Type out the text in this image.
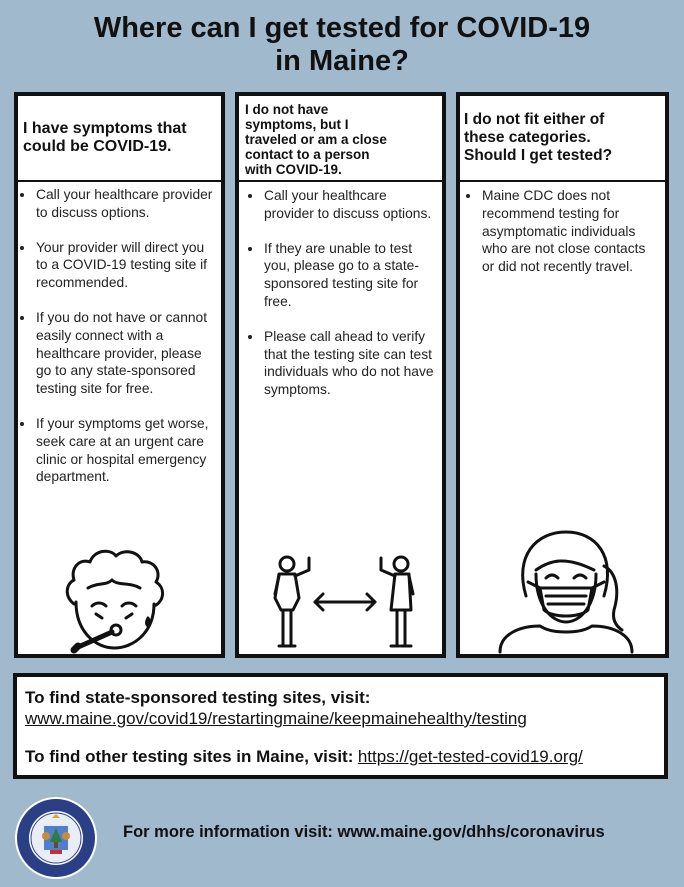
Where can I get tested for COVID-19
in Maine?
I have symptoms that
could be COVID-19.
Call your healthcare provider to discuss options.
Your provider will direct you to a COVID-19 testing site if recommended.
If you do not have or cannot easily connect with a healthcare provider, please go to any state-sponsored testing site for free.
If your symptoms get worse, seek care at an urgent care clinic or hospital emergency department.
I do not have
symptoms, but I
traveled or am a close
contact to a person
with COVID-19.
Call your healthcare provider to discuss options.
If they are unable to test you, please go to a state-sponsored testing site for free.
Please call ahead to verify that the testing site can test individuals who do not have symptoms.
I do not fit either of
these categories.
Should I get tested?
Maine CDC does not recommend testing for asymptomatic individuals who are not close contacts or did not recently travel.
To find state-sponsored testing sites, visit:
www.maine.gov/covid19/restartingmaine/keepmainehealthy/testing
To find other testing sites in Maine, visit: https://get-tested-covid19.org/
For more information visit: www.maine.gov/dhhs/coronavirus
